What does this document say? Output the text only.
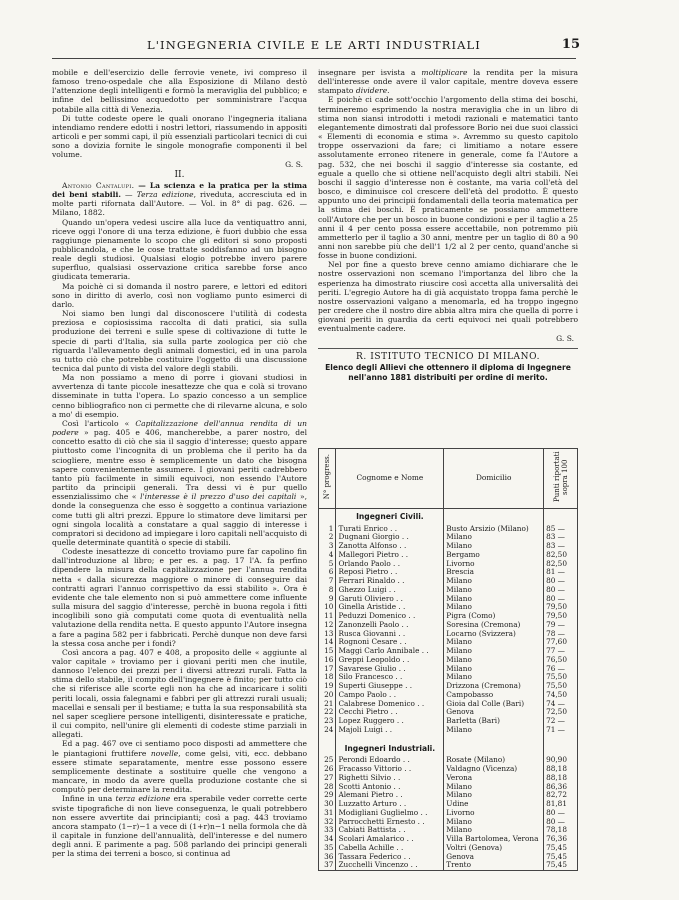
L'INGEGNERIA CIVILE E LE ARTI INDUSTRIALI	15

mobile e dell'esercizio delle ferrovie venete, ivi compreso il famoso treno-ospedale che alla Esposizione di Milano destò l'attenzione degli intelligenti e formò la meraviglia del pubblico; e infine del bellissimo acquedotto per somministrare l'acqua potabile alla città di Venezia.

Di tutte codeste opere le quali onorano l'ingegneria italiana intendiamo rendere edotti i nostri lettori, riassumendo in appositi articoli e per sommi capi, il più essenziali particolari tecnici di cui sono a dovizia fornite le singole monografie componenti il bel volume.

G. S.

II.

Antonio Cantalupi. — La scienza e la pratica per la stima dei beni stabili. — Terza edizione, riveduta, accresciuta ed in molte parti rifornata dall'Autore. — Vol. in 8° di pag. 626. — Milano, 1882.

Quando un'opera vedesi uscire alla luce da ventiquattro anni, riceve oggi l'onore di una terza edizione, è fuori dubbio che essa raggiunge pienamente lo scopo che gli editori si sono proposti pubblicandola, e che le cose trattate soddisfanno ad un bisogno reale degli studiosi. Qualsiasi elogio potrebbe invero parere superfluo, qualsiasi osservazione critica sarebbe forse anco giudicata temeraria.

Ma poichè ci si domanda il nostro parere, e lettori ed editori sono in diritto di averlo, così non vogliamo punto esimerci di darlo.

Noi siamo ben lungi dal disconoscere l'utilità di codesta preziosa e copiosissima raccolta di dati pratici, sia sulla produzione dei terreni e sulle spese di coltivazione di tutte le specie di parti d'Italia, sia sulla parte zoologica per ciò che riguarda l'allevamento degli animali domestici, ed in una parola su tutto ciò che potrebbe costituire l'oggetto di una discussione tecnica dal punto di vista del valore degli stabili.

Ma non possiamo a meno di porre i giovani studiosi in avvertenza di tante piccole inesattezze che qua e colà si trovano disseminate in tutta l'opera. Lo spazio concesso a un semplice cenno bibliografico non ci permette che di rilevarne alcuna, e solo a mo' di esempio.

Così l'articolo « Capitalizzazione dell'annua rendita di un podere » pag. 405 e 406, mancherebbe, a parer nostro, del concetto esatto di ciò che sia il saggio d'interesse; questo appare piuttosto come l'incognita di un problema che il perito ha da sciogliere, mentre esso è semplicemente un dato che bisogna sapere convenientemente assumere. I giovani periti cadrebbero tanto più facilmente in simili equivoci, non essendo l'Autore partito da principii generali. Tra dessi vi è pur quello essenzialissimo che « l'interesse è il prezzo d'uso dei capitali », donde la conseguenza che esso è soggetto a continua variazione come tutti gli altri prezzi. Eppure lo stimatore deve limitarsi per ogni singola località a constatare a qual saggio di interesse i compratori si decidono ad impiegare i loro capitali nell'acquisto di quelle determinate quantità o specie di stabili.

Codeste inesattezze di concetto troviamo pure far capolino fin dall'introduzione al libro; e per es. a pag. 17 l'A. fa perfino dipendere la misura della capitalizzazione per l'annua rendita netta « dalla sicurezza maggiore o minore di conseguire dai contratti agrari l'annuo corrispettivo da essi stabilito ». Ora è evidente che tale elemento non si può ammettere come influente sulla misura del saggio d'interesse, perchè in buona regola i fitti incoglibili sono già computati come quota di eventualità nella valutazione della rendita netta. E questo appunto l'Autore insegna a fare a pagina 582 per i fabbricati. Perchè dunque non deve farsi la stessa cosa anche per i fondi?

Così ancora a pag. 407 e 408, a proposito delle « aggiunte al valor capitale » troviamo per i giovani periti men che inutile, dannoso l'elenco dei prezzi per i diversi attrezzi rurali. Fatta la stima dello stabile, il compito dell'ingegnere è finito; per tutto ciò che si riferisce alle scorte egli non ha che ad incaricare i soliti periti locali, ossia falegnami e fabbri per gli attrezzi rurali usuali; macellai e sensali per il bestiame; e tutta la sua responsabilità sta nel saper scegliere persone intelligenti, disinteressate e pratiche, il cui compito, nell'unire gli elementi di codeste stime parziali in allegati.

Ed a pag. 467 ove ci sentiamo poco disposti ad ammettere che le piantagioni fruttifere novelle, come gelsi, viti, ecc. debbano essere stimate separatamente, mentre esse possono essere semplicemente destinate a sostituire quelle che vengono a mancare, in modo da avere quella produzione costante che si computò per determinare la rendita.

Infine in una terza edizione era sperabile veder corrette certe sviste tipografiche di non lieve conseguenza, le quali potrebbero non essere avvertite dai principianti; così a pag. 443 troviamo ancora stampato (1−r)−1 a vece di (1+r)n−1 nella formola che dà il capitale in funzione dell'annualità, dell'interesse e del numero degli anni. E parimente a pag. 508 parlando dei principi generali per la stima dei terreni a bosco, si continua ad

insegnare per isvista a moltiplicare la rendita per la misura dell'interesse onde avere il valor capitale, mentre doveva essere stampato dividere.

E poichè ci cade sott'occhio l'argomento della stima dei boschi, termineremo esprimendo la nostra meraviglia che in un libro di stima non siansi introdotti i metodi razionali e matematici tanto elegantemente dimostrati dal professore Borio nei due suoi classici « Elementi di economia e stima ». Avremmo su questo capitolo troppe osservazioni da fare; ci limitiamo a notare essere assolutamente erroneo ritenere in generale, come fa l'Autore a pag. 532, che nei boschi il saggio d'interesse sia costante, ed eguale a quello che si ottiene nell'acquisto degli altri stabili. Nei boschi il saggio d'interesse non è costante, ma varia coll'età del bosco, e diminuisce col crescere dell'età del prodotto. È questo appunto uno dei principii fondamentali della teoria matematica per la stima dei boschi. È praticamente se possiamo ammettere coll'Autore che per un bosco in buone condizioni e per il taglio a 25 anni il 4 per cento possa essere accettabile, non potremmo più ammetterlo per il taglio a 30 anni, mentre per un taglio di 80 a 90 anni non sarebbe più che dell'1 1/2 al 2 per cento, quand'anche si fosse in buone condizioni.

Nel por fine a questo breve cenno amiamo dichiarare che le nostre osservazioni non scemano l'importanza del libro che la esperienza ha dimostrato riuscire così accetta alla universalità dei periti. L'egregio Autore ha di già acquistato troppa fama perchè le nostre osservazioni valgano a menomarla, ed ha troppo ingegno per credere che il nostro dire abbia altra mira che quella di porre i giovani periti in guardia da certi equivoci nei quali potrebbero eventualmente cadere.

G. S.

R. ISTITUTO TECNICO DI MILANO.
Elenco degli Allievi che ottennero il diploma di Ingegnere
nell'anno 1881 distribuiti per ordine di merito.
N° progress.	Cognome e Nome	Domicilio	Punti riportati sopra 100
	Ingegneri Civili.		
1	Turati Enrico . .	Busto Arsizio (Milano)	85 —
2	Dugnani Giorgio . .	Milano	83 —
3	Zanotta Alfonso . .	Milano	83 —
4	Mallegori Pietro . .	Bergamo	82,50
5	Orlando Paolo . .	Livorno	82,50
6	Reposi Pietro . .	Brescia	81 —
7	Ferrari Rinaldo . .	Milano	80 —
8	Ghezzo Luigi . .	Milano	80 —
9	Garuti Oliviero . .	Milano	80 —
10	Ginella Aristide . .	Milano	79,50
11	Peduzzi Domenico . .	Pigra (Como)	79,50
12	Zanonzelli Paolo . .	Soresina (Cremona)	79 —
13	Rusca Giovanni . .	Locarno (Svizzera)	78 —
14	Rognoni Cesare . .	Milano	77,60
15	Maggi Carlo Annibale . .	Milano	77 —
16	Greppi Leopoldo . .	Milano	76,50
17	Savarese Giulio . .	Milano	76 —
18	Silo Francesco . .	Milano	75,50
19	Superti Giuseppe . .	Drizzona (Cremona)	75,50
20	Campo Paolo . .	Campobasso	74,50
21	Calabrese Domenico . .	Gioia dal Colle (Bari)	74 —
22	Cecchi Pietro . .	Genova	72,50
23	Lopez Ruggero . .	Barletta (Bari)	72 —
24	Majoli Luigi . .	Milano	71 —

	Ingegneri Industriali.		
25	Perondi Edoardo . .	Rosate (Milano)	90,90
26	Fracasso Vittorio . .	Valdagno (Vicenza)	88,18
27	Righetti Silvio . .	Verona	88,18
28	Scotti Antonio . .	Milano	86,36
29	Alemani Pietro . .	Milano	82,72
30	Luzzatto Arturo . .	Udine	81,81
31	Modigliani Guglielmo . .	Livorno	80 —
32	Parrocchetti Ernesto . .	Milano	80 —
33	Cabiati Battista . .	Milano	78,18
34	Scolari Amalarico . .	Villa Bartolomea, Verona	76,36
35	Cabella Achille . .	Voltri (Genova)	75,45
36	Tassara Federico . .	Genova	75,45
37	Zucchelli Vincenzo . .	Trento	75,45
